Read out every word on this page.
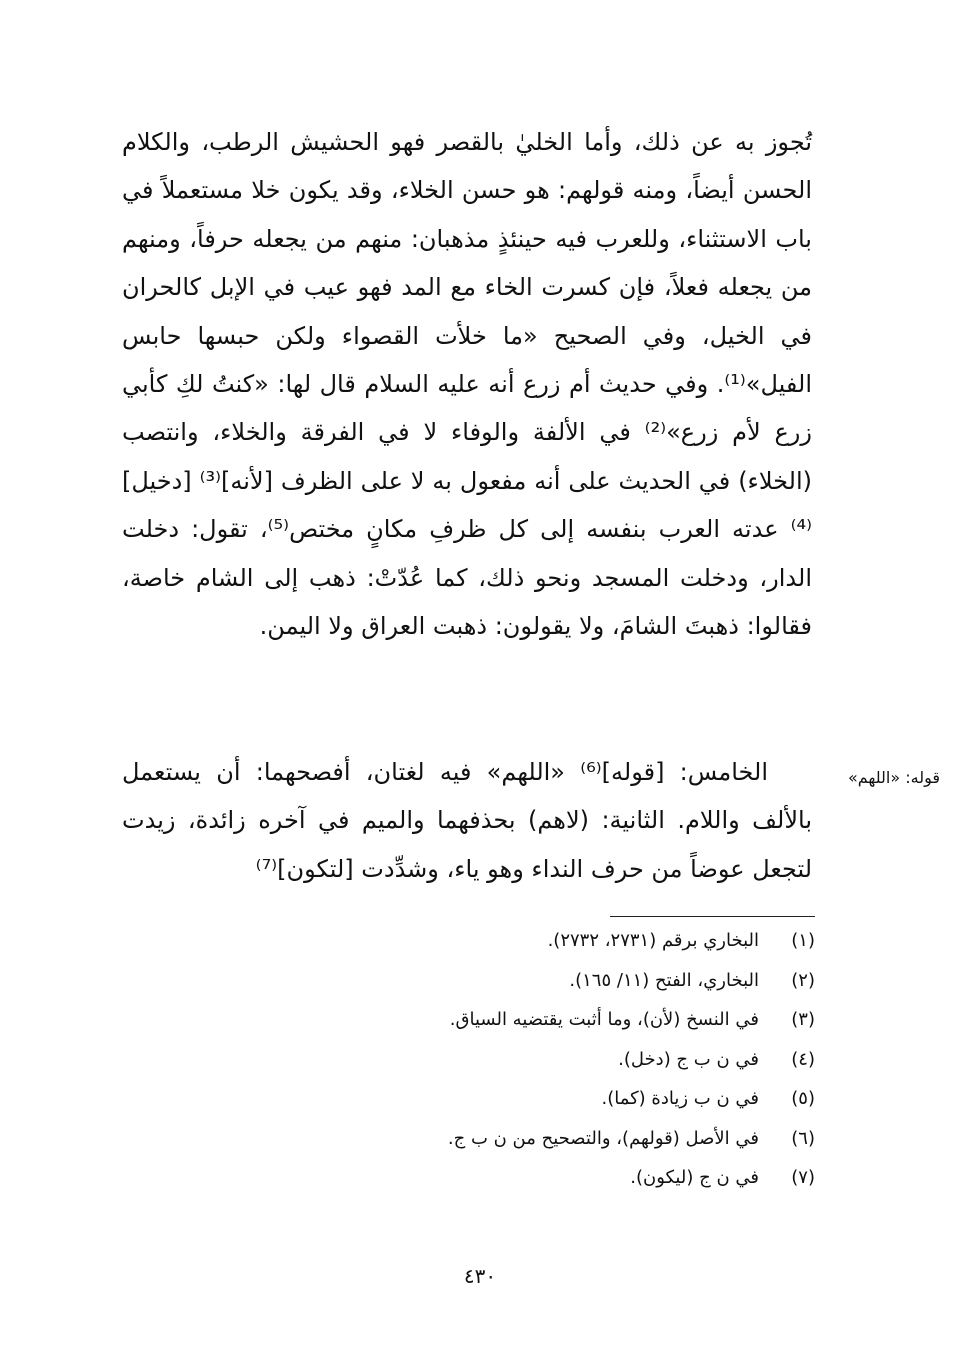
تُجوز به عن ذلك، وأما الخليٰ بالقصر فهو الحشيش الرطب، والكلام الحسن أيضاً، ومنه قولهم: هو حسن الخلاء، وقد يكون خلا مستعملاً في باب الاستثناء، وللعرب فيه حينئذٍ مذهبان: منهم من يجعله حرفاً، ومنهم من يجعله فعلاً، فإن كسرت الخاء مع المد فهو عيب في الإبل كالحران في الخيل، وفي الصحيح «ما خلأت القصواء ولكن حبسها حابس الفيل»⁽¹⁾. وفي حديث أم زرع أنه عليه السلام قال لها: «كنتُ لكِ كأبي زرع لأم زرع»⁽²⁾ في الألفة والوفاء لا في الفرقة والخلاء، وانتصب (الخلاء) في الحديث على أنه مفعول به لا على الظرف [لأنه]⁽³⁾ [دخيل]⁽⁴⁾ عدته العرب بنفسه إلى كل ظرفِ مكانٍ مختص⁽⁵⁾، تقول: دخلت الدار، ودخلت المسجد ونحو ذلك، كما عُدّتْ: ذهب إلى الشام خاصة، فقالوا: ذهبتَ الشامَ، ولا يقولون: ذهبت العراق ولا اليمن.

قوله: «اللهم»

الخامس: [قوله]⁽⁶⁾ «اللهم» فيه لغتان، أفصحهما: أن يستعمل بالألف واللام. الثانية: (لاهم) بحذفهما والميم في آخره زائدة، زيدت لتجعل عوضاً من حرف النداء وهو ياء، وشدِّدت [لتكون]⁽⁷⁾

(١)
البخاري برقم (٢٧٣١، ٢٧٣٢).
(٢)
البخاري، الفتح (١١/ ١٦٥).
(٣)
في النسخ (لأن)، وما أثبت يقتضيه السياق.
(٤)
في ن ب ج (دخل).
(٥)
في ن ب زيادة (كما).
(٦)
في الأصل (قولهم)، والتصحيح من ن ب ج.
(٧)
في ن ج (ليكون).

٤٣٠
